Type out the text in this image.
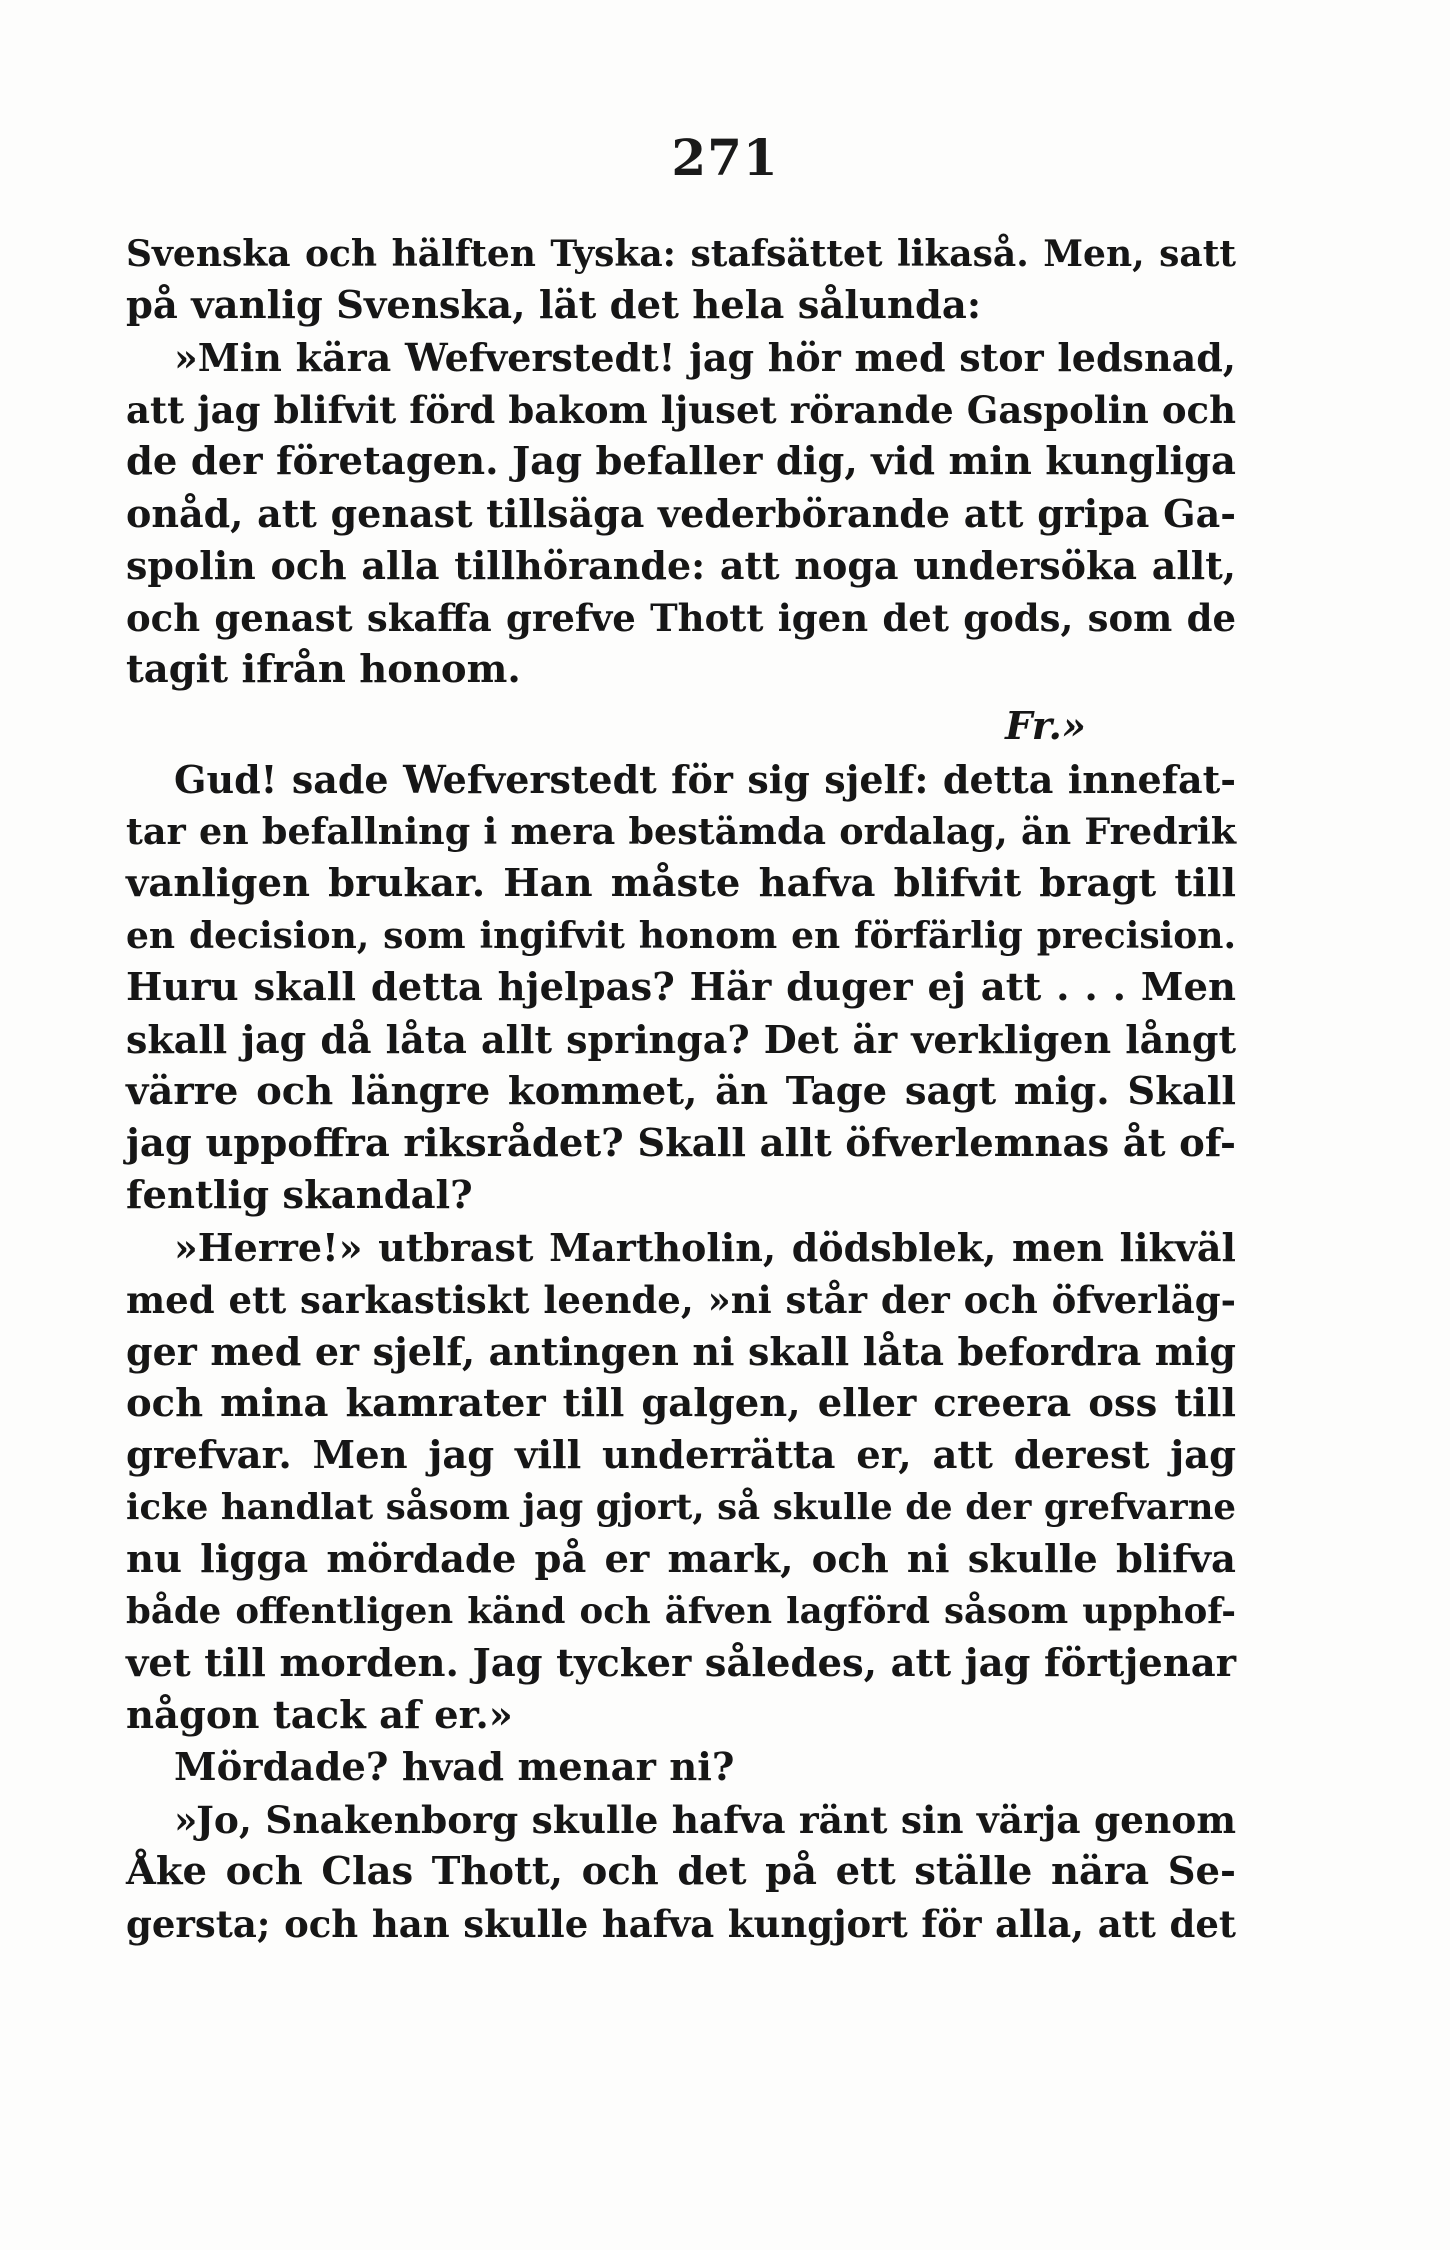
271
Svenska och hälften Tyska: stafsättet likaså. Men, satt
på vanlig Svenska, lät det hela sålunda:
»Min kära Wefverstedt! jag hör med stor ledsnad,
att jag blifvit förd bakom ljuset rörande Gaspolin och
de der företagen. Jag befaller dig, vid min kungliga
onåd, att genast tillsäga vederbörande att gripa Ga-
spolin och alla tillhörande: att noga undersöka allt,
och genast skaffa grefve Thott igen det gods, som de
tagit ifrån honom.
Fr.»
Gud! sade Wefverstedt för sig sjelf: detta innefat-
tar en befallning i mera bestämda ordalag, än Fredrik
vanligen brukar. Han måste hafva blifvit bragt till
en decision, som ingifvit honom en förfärlig precision.
Huru skall detta hjelpas? Här duger ej att . . . Men
skall jag då låta allt springa? Det är verkligen långt
värre och längre kommet, än Tage sagt mig. Skall
jag uppoffra riksrådet? Skall allt öfverlemnas åt of-
fentlig skandal?
»Herre!» utbrast Martholin, dödsblek, men likväl
med ett sarkastiskt leende, »ni står der och öfverläg-
ger med er sjelf, antingen ni skall låta befordra mig
och mina kamrater till galgen, eller creera oss till
grefvar. Men jag vill underrätta er, att derest jag
icke handlat såsom jag gjort, så skulle de der grefvarne
nu ligga mördade på er mark, och ni skulle blifva
både offentligen känd och äfven lagförd såsom upphof-
vet till morden. Jag tycker således, att jag förtjenar
någon tack af er.»
Mördade? hvad menar ni?
»Jo, Snakenborg skulle hafva ränt sin värja genom
Åke och Clas Thott, och det på ett ställe nära Se-
gersta; och han skulle hafva kungjort för alla, att det
